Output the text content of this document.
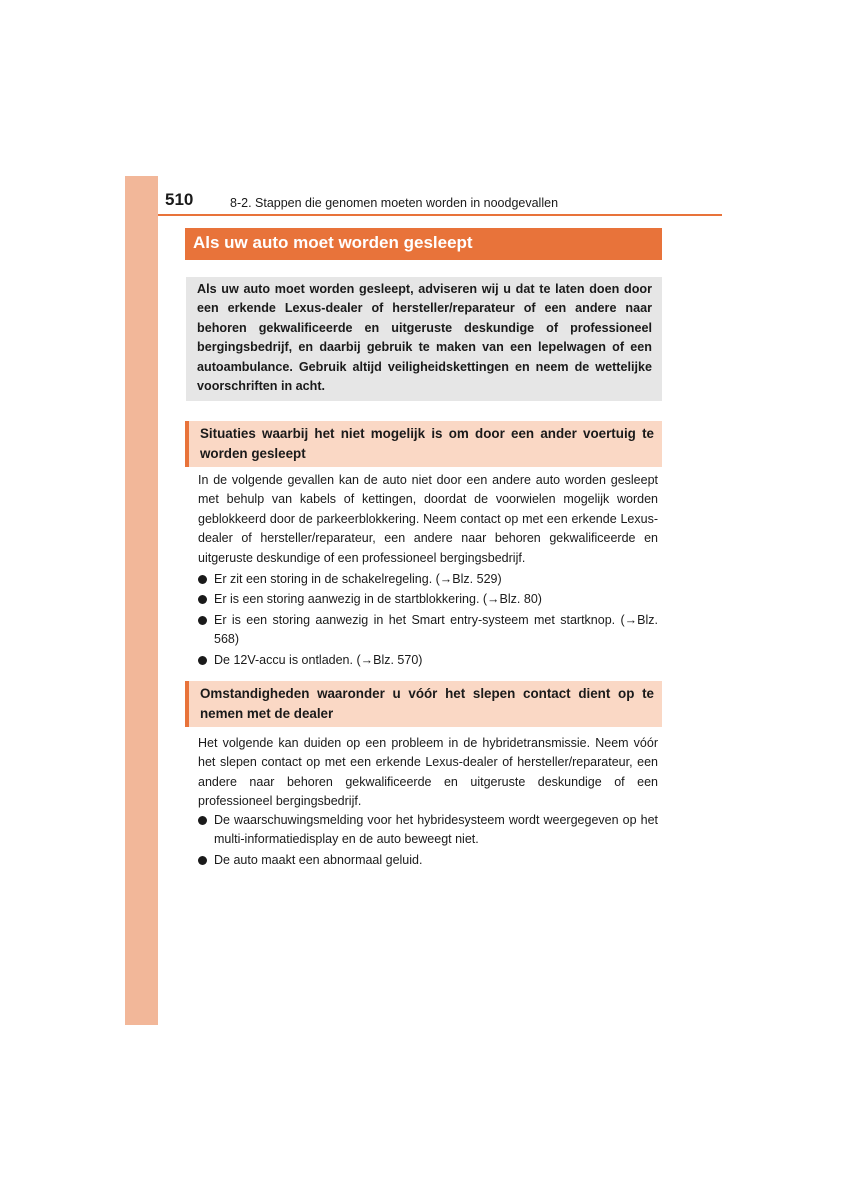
510	8-2. Stappen die genomen moeten worden in noodgevallen
Als uw auto moet worden gesleept
Als uw auto moet worden gesleept, adviseren wij u dat te laten doen door een erkende Lexus-dealer of hersteller/reparateur of een andere naar behoren gekwalificeerde en uitgeruste deskundige of professioneel bergingsbedrijf, en daarbij gebruik te maken van een lepelwagen of een autoambulance. Gebruik altijd veiligheidskettingen en neem de wettelijke voorschriften in acht.
Situaties waarbij het niet mogelijk is om door een ander voertuig te worden gesleept
In de volgende gevallen kan de auto niet door een andere auto worden gesleept met behulp van kabels of kettingen, doordat de voorwielen mogelijk worden geblokkeerd door de parkeerblokkering. Neem contact op met een erkende Lexus-dealer of hersteller/reparateur, een andere naar behoren gekwalificeerde en uitgeruste deskundige of een professioneel bergingsbedrijf.
Er zit een storing in de schakelregeling. (→Blz. 529)
Er is een storing aanwezig in de startblokkering. (→Blz. 80)
Er is een storing aanwezig in het Smart entry-systeem met startknop. (→Blz. 568)
De 12V-accu is ontladen. (→Blz. 570)
Omstandigheden waaronder u vóór het slepen contact dient op te nemen met de dealer
Het volgende kan duiden op een probleem in de hybridetransmissie. Neem vóór het slepen contact op met een erkende Lexus-dealer of hersteller/reparateur, een andere naar behoren gekwalificeerde en uitgeruste deskundige of een professioneel bergingsbedrijf.
De waarschuwingsmelding voor het hybridesysteem wordt weergegeven op het multi-informatiedisplay en de auto beweegt niet.
De auto maakt een abnormaal geluid.
